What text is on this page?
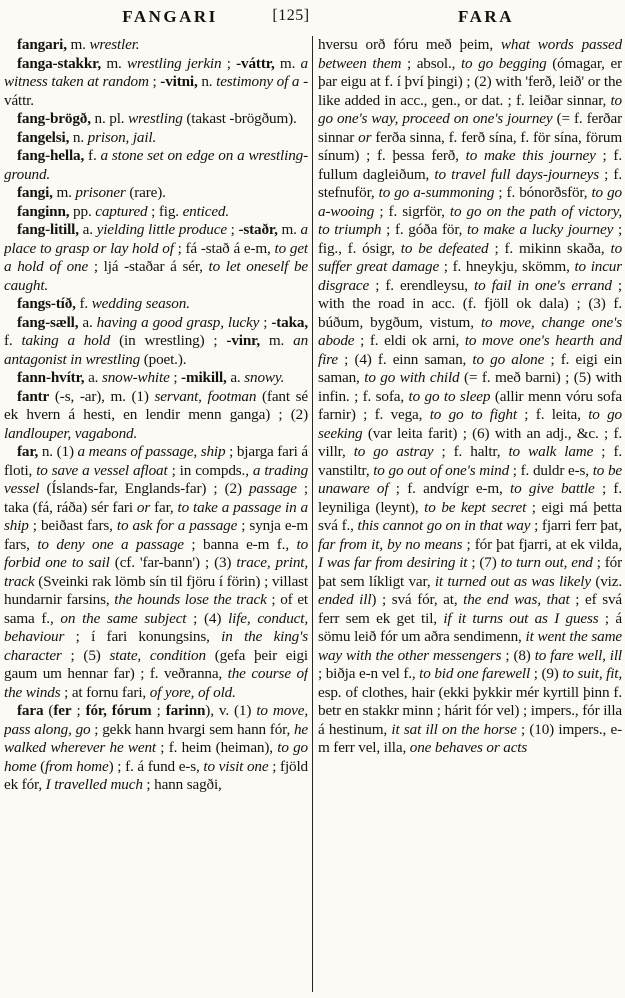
FANGARI	[125]	FARA

fangari, m. wrestler.

fanga-stakkr, m. wrestling jerkin ; -váttr, m. a witness taken at random ; -vitni, n. testimony of a -váttr.

fang-brögð, n. pl. wrestling (takast -brögðum).

fangelsi, n. prison, jail.

fang-hella, f. a stone set on edge on a wrestling-ground.

fangi, m. prisoner (rare).

fanginn, pp. captured ; fig. enticed.

fang-litill, a. yielding little produce ; -staðr, m. a place to grasp or lay hold of ; fá -stað á e-m, to get a hold of one ; ljá -staðar á sér, to let oneself be caught.

fangs-tíð, f. wedding season.

fang-sæll, a. having a good grasp, lucky ; -taka, f. taking a hold (in wrestling) ; -vinr, m. an antagonist in wrestling (poet.).

fann-hvítr, a. snow-white ; -mikill, a. snowy.

fantr (-s, -ar), m. (1) servant, footman (fant sé ek hvern á hesti, en lendir menn ganga) ; (2) landlouper, vagabond.

far, n. (1) a means of passage, ship ; bjarga fari á floti, to save a vessel afloat ; in compds., a trading vessel (Íslands-far, Englands-far) ; (2) passage ; taka (fá, ráða) sér fari or far, to take a passage in a ship ; beiðast fars, to ask for a passage ; synja e-m fars, to deny one a passage ; banna e-m f., to forbid one to sail (cf. 'far-bann') ; (3) trace, print, track (Sveinki rak lömb sín til fjöru í förin) ; villast hundarnir farsins, the hounds lose the track ; of et sama f., on the same subject ; (4) life, conduct, behaviour ; í fari konungsins, in the king's character ; (5) state, condition (gefa þeir eigi gaum um hennar far) ; f. veðranna, the course of the winds ; at fornu fari, of yore, of old.

fara (fer ; fór, fórum ; farinn), v. (1) to move, pass along, go ; gekk hann hvargi sem hann fór, he walked wherever he went ; f. heim (heiman), to go home (from home) ; f. á fund e-s, to visit one ; fjöld ek fór, I travelled much ; hann sagði,

hversu orð fóru með þeim, what words passed between them ; absol., to go begging (ómagar, er þar eigu at f. í því þingi) ; (2) with 'ferð, leið' or the like added in acc., gen., or dat. ; f. leiðar sinnar, to go one's way, proceed on one's journey (= f. ferðar sinnar or ferða sinna, f. ferð sína, f. för sína, förum sínum) ; f. þessa ferð, to make this journey ; f. fullum dagleiðum, to travel full days-journeys ; f. stefnuför, to go a-summoning ; f. bónorðsför, to go a-wooing ; f. sigrför, to go on the path of victory, to triumph ; f. góða för, to make a lucky journey ; fig., f. ósigr, to be defeated ; f. mikinn skaða, to suffer great damage ; f. hneykju, skömm, to incur disgrace ; f. erendleysu, to fail in one's errand ; with the road in acc. (f. fjöll ok dala) ; (3) f. búðum, bygðum, vistum, to move, change one's abode ; f. eldi ok arni, to move one's hearth and fire ; (4) f. einn saman, to go alone ; f. eigi ein saman, to go with child (= f. með barni) ; (5) with infin. ; f. sofa, to go to sleep (allir menn vóru sofa farnir) ; f. vega, to go to fight ; f. leita, to go seeking (var leita farit) ; (6) with an adj., &c. ; f. villr, to go astray ; f. haltr, to walk lame ; f. vanstiltr, to go out of one's mind ; f. duldr e-s, to be unaware of ; f. andvígr e-m, to give battle ; f. leyniliga (leynt), to be kept secret ; eigi má þetta svá f., this cannot go on in that way ; fjarri ferr þat, far from it, by no means ; fór þat fjarri, at ek vilda, I was far from desiring it ; (7) to turn out, end ; fór þat sem líkligt var, it turned out as was likely (viz. ended ill) ; svá fór, at, the end was, that ; ef svá ferr sem ek get til, if it turns out as I guess ; á sömu leið fór um aðra sendimenn, it went the same way with the other messengers ; (8) to fare well, ill ; biðja e-n vel f., to bid one farewell ; (9) to suit, fit, esp. of clothes, hair (ekki þykkir mér kyrtill þinn f. betr en stakkr minn ; hárit fór vel) ; impers., fór illa á hestinum, it sat ill on the horse ; (10) impers., e-m ferr vel, illa, one behaves or acts
